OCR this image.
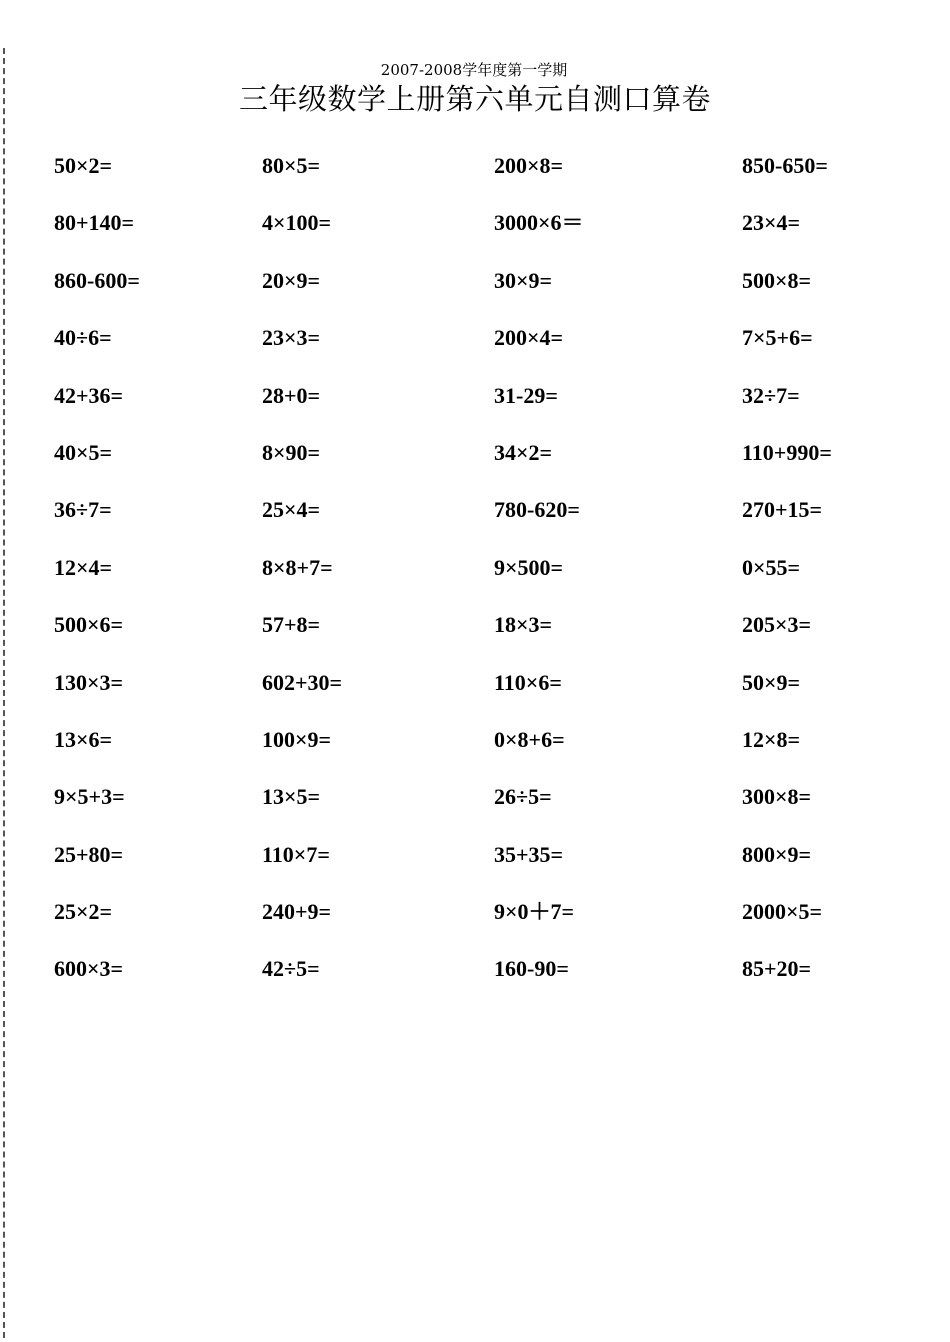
2007-2008学年度第一学期
三年级数学上册第六单元自测口算卷
50×2=	80×5=	200×8=	850-650=
80+140=	4×100=	3000×6＝	23×4=
860-600=	20×9=	30×9=	500×8=
40÷6=	23×3=	200×4=	7×5+6=
42+36=	28+0=	31-29=	32÷7=
40×5=	8×90=	34×2=	110+990=
36÷7=	25×4=	780-620=	270+15=
12×4=	8×8+7=	9×500=	0×55=
500×6=	57+8=	18×3=	205×3=
130×3=	602+30=	110×6=	50×9=
13×6=	100×9=	0×8+6=	12×8=
9×5+3=	13×5=	26÷5=	300×8=
25+80=	110×7=	35+35=	800×9=
25×2=	240+9=	9×0＋7=	2000×5=
600×3=	42÷5=	160-90=	85+20=
